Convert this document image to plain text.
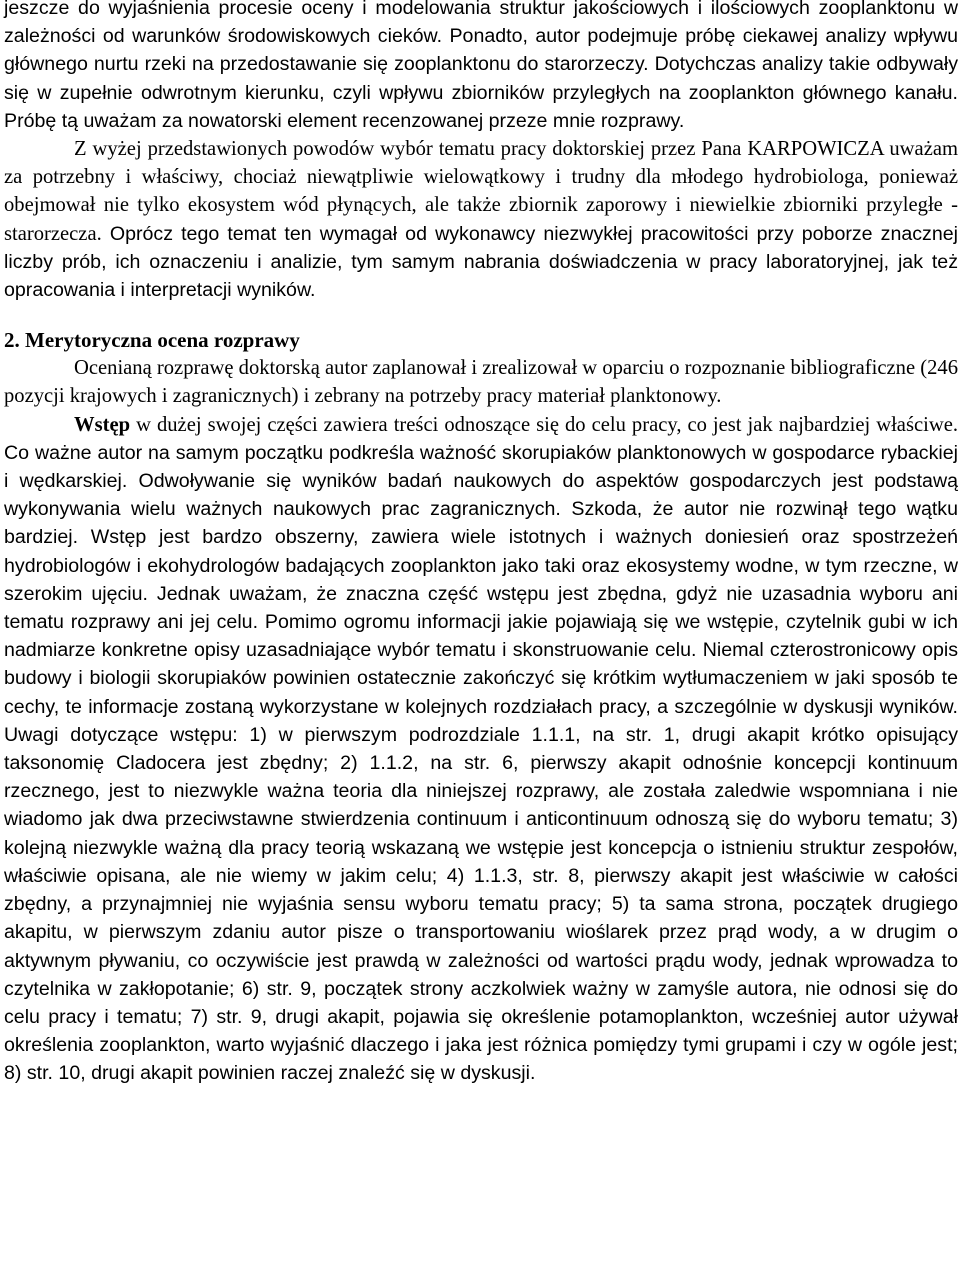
jeszcze do wyjaśnienia procesie oceny i modelowania struktur jakościowych i ilościowych zooplanktonu w zależności od warunków środowiskowych cieków. Ponadto, autor podejmuje próbę ciekawej analizy wpływu głównego nurtu rzeki na przedostawanie się zooplanktonu do starorzeczy. Dotychczas analizy takie odbywały się w zupełnie odwrotnym kierunku, czyli wpływu zbiorników przyległych na zooplankton głównego kanału. Próbę tą uważam za nowatorski element recenzowanej przeze mnie rozprawy.

Z wyżej przedstawionych powodów wybór tematu pracy doktorskiej przez Pana KARPOWICZA uważam za potrzebny i właściwy, chociaż niewątpliwie wielowątkowy i trudny dla młodego hydrobiologa, ponieważ obejmował nie tylko ekosystem wód płynących, ale także zbiornik zaporowy i niewielkie zbiorniki przyległe - starorzecza. Oprócz tego temat ten wymagał od wykonawcy niezwykłej pracowitości przy poborze znacznej liczby prób, ich oznaczeniu i analizie, tym samym nabrania doświadczenia w pracy laboratoryjnej, jak też opracowania i interpretacji wyników.

2. Merytoryczna ocena rozprawy

Ocenianą rozprawę doktorską autor zaplanował i zrealizował w oparciu o rozpoznanie bibliograficzne (246 pozycji krajowych i zagranicznych) i zebrany na potrzeby pracy materiał planktonowy.

Wstęp w dużej swojej części zawiera treści odnoszące się do celu pracy, co jest jak najbardziej właściwe. Co ważne autor na samym początku podkreśla ważność skorupiaków planktonowych w gospodarce rybackiej i wędkarskiej. Odwoływanie się wyników badań naukowych do aspektów gospodarczych jest podstawą wykonywania wielu ważnych naukowych prac zagranicznych. Szkoda, że autor nie rozwinął tego wątku bardziej. Wstęp jest bardzo obszerny, zawiera wiele istotnych i ważnych doniesień oraz spostrzeżeń hydrobiologów i ekohydrologów badających zooplankton jako taki oraz ekosystemy wodne, w tym rzeczne, w szerokim ujęciu. Jednak uważam, że znaczna część wstępu jest zbędna, gdyż nie uzasadnia wyboru ani tematu rozprawy ani jej celu. Pomimo ogromu informacji jakie pojawiają się we wstępie, czytelnik gubi w ich nadmiarze konkretne opisy uzasadniające wybór tematu i skonstruowanie celu. Niemal czterostronicowy opis budowy i biologii skorupiaków powinien ostatecznie zakończyć się krótkim wytłumaczeniem w jaki sposób te cechy, te informacje zostaną wykorzystane w kolejnych rozdziałach pracy, a szczególnie w dyskusji wyników. Uwagi dotyczące wstępu: 1) w pierwszym podrozdziale 1.1.1, na str. 1, drugi akapit krótko opisujący taksonomię Cladocera jest zbędny; 2) 1.1.2, na str. 6, pierwszy akapit odnośnie koncepcji kontinuum rzecznego, jest to niezwykle ważna teoria dla niniejszej rozprawy, ale została zaledwie wspomniana i nie wiadomo jak dwa przeciwstawne stwierdzenia continuum i anticontinuum odnoszą się do wyboru tematu; 3) kolejną niezwykle ważną dla pracy teorią wskazaną we wstępie jest koncepcja o istnieniu struktur zespołów, właściwie opisana, ale nie wiemy w jakim celu; 4) 1.1.3, str. 8, pierwszy akapit jest właściwie w całości zbędny, a przynajmniej nie wyjaśnia sensu wyboru tematu pracy; 5) ta sama strona, początek drugiego akapitu, w pierwszym zdaniu autor pisze o transportowaniu wioślarek przez prąd wody, a w drugim o aktywnym pływaniu, co oczywiście jest prawdą w zależności od wartości prądu wody, jednak wprowadza to czytelnika w zakłopotanie; 6) str. 9, początek strony aczkolwiek ważny w zamyśle autora, nie odnosi się do celu pracy i tematu; 7) str. 9, drugi akapit, pojawia się określenie potamoplankton, wcześniej autor używał określenia zooplankton, warto wyjaśnić dlaczego i jaka jest różnica pomiędzy tymi grupami i czy w ogóle jest; 8) str. 10, drugi akapit powinien raczej znaleźć się w dyskusji.
